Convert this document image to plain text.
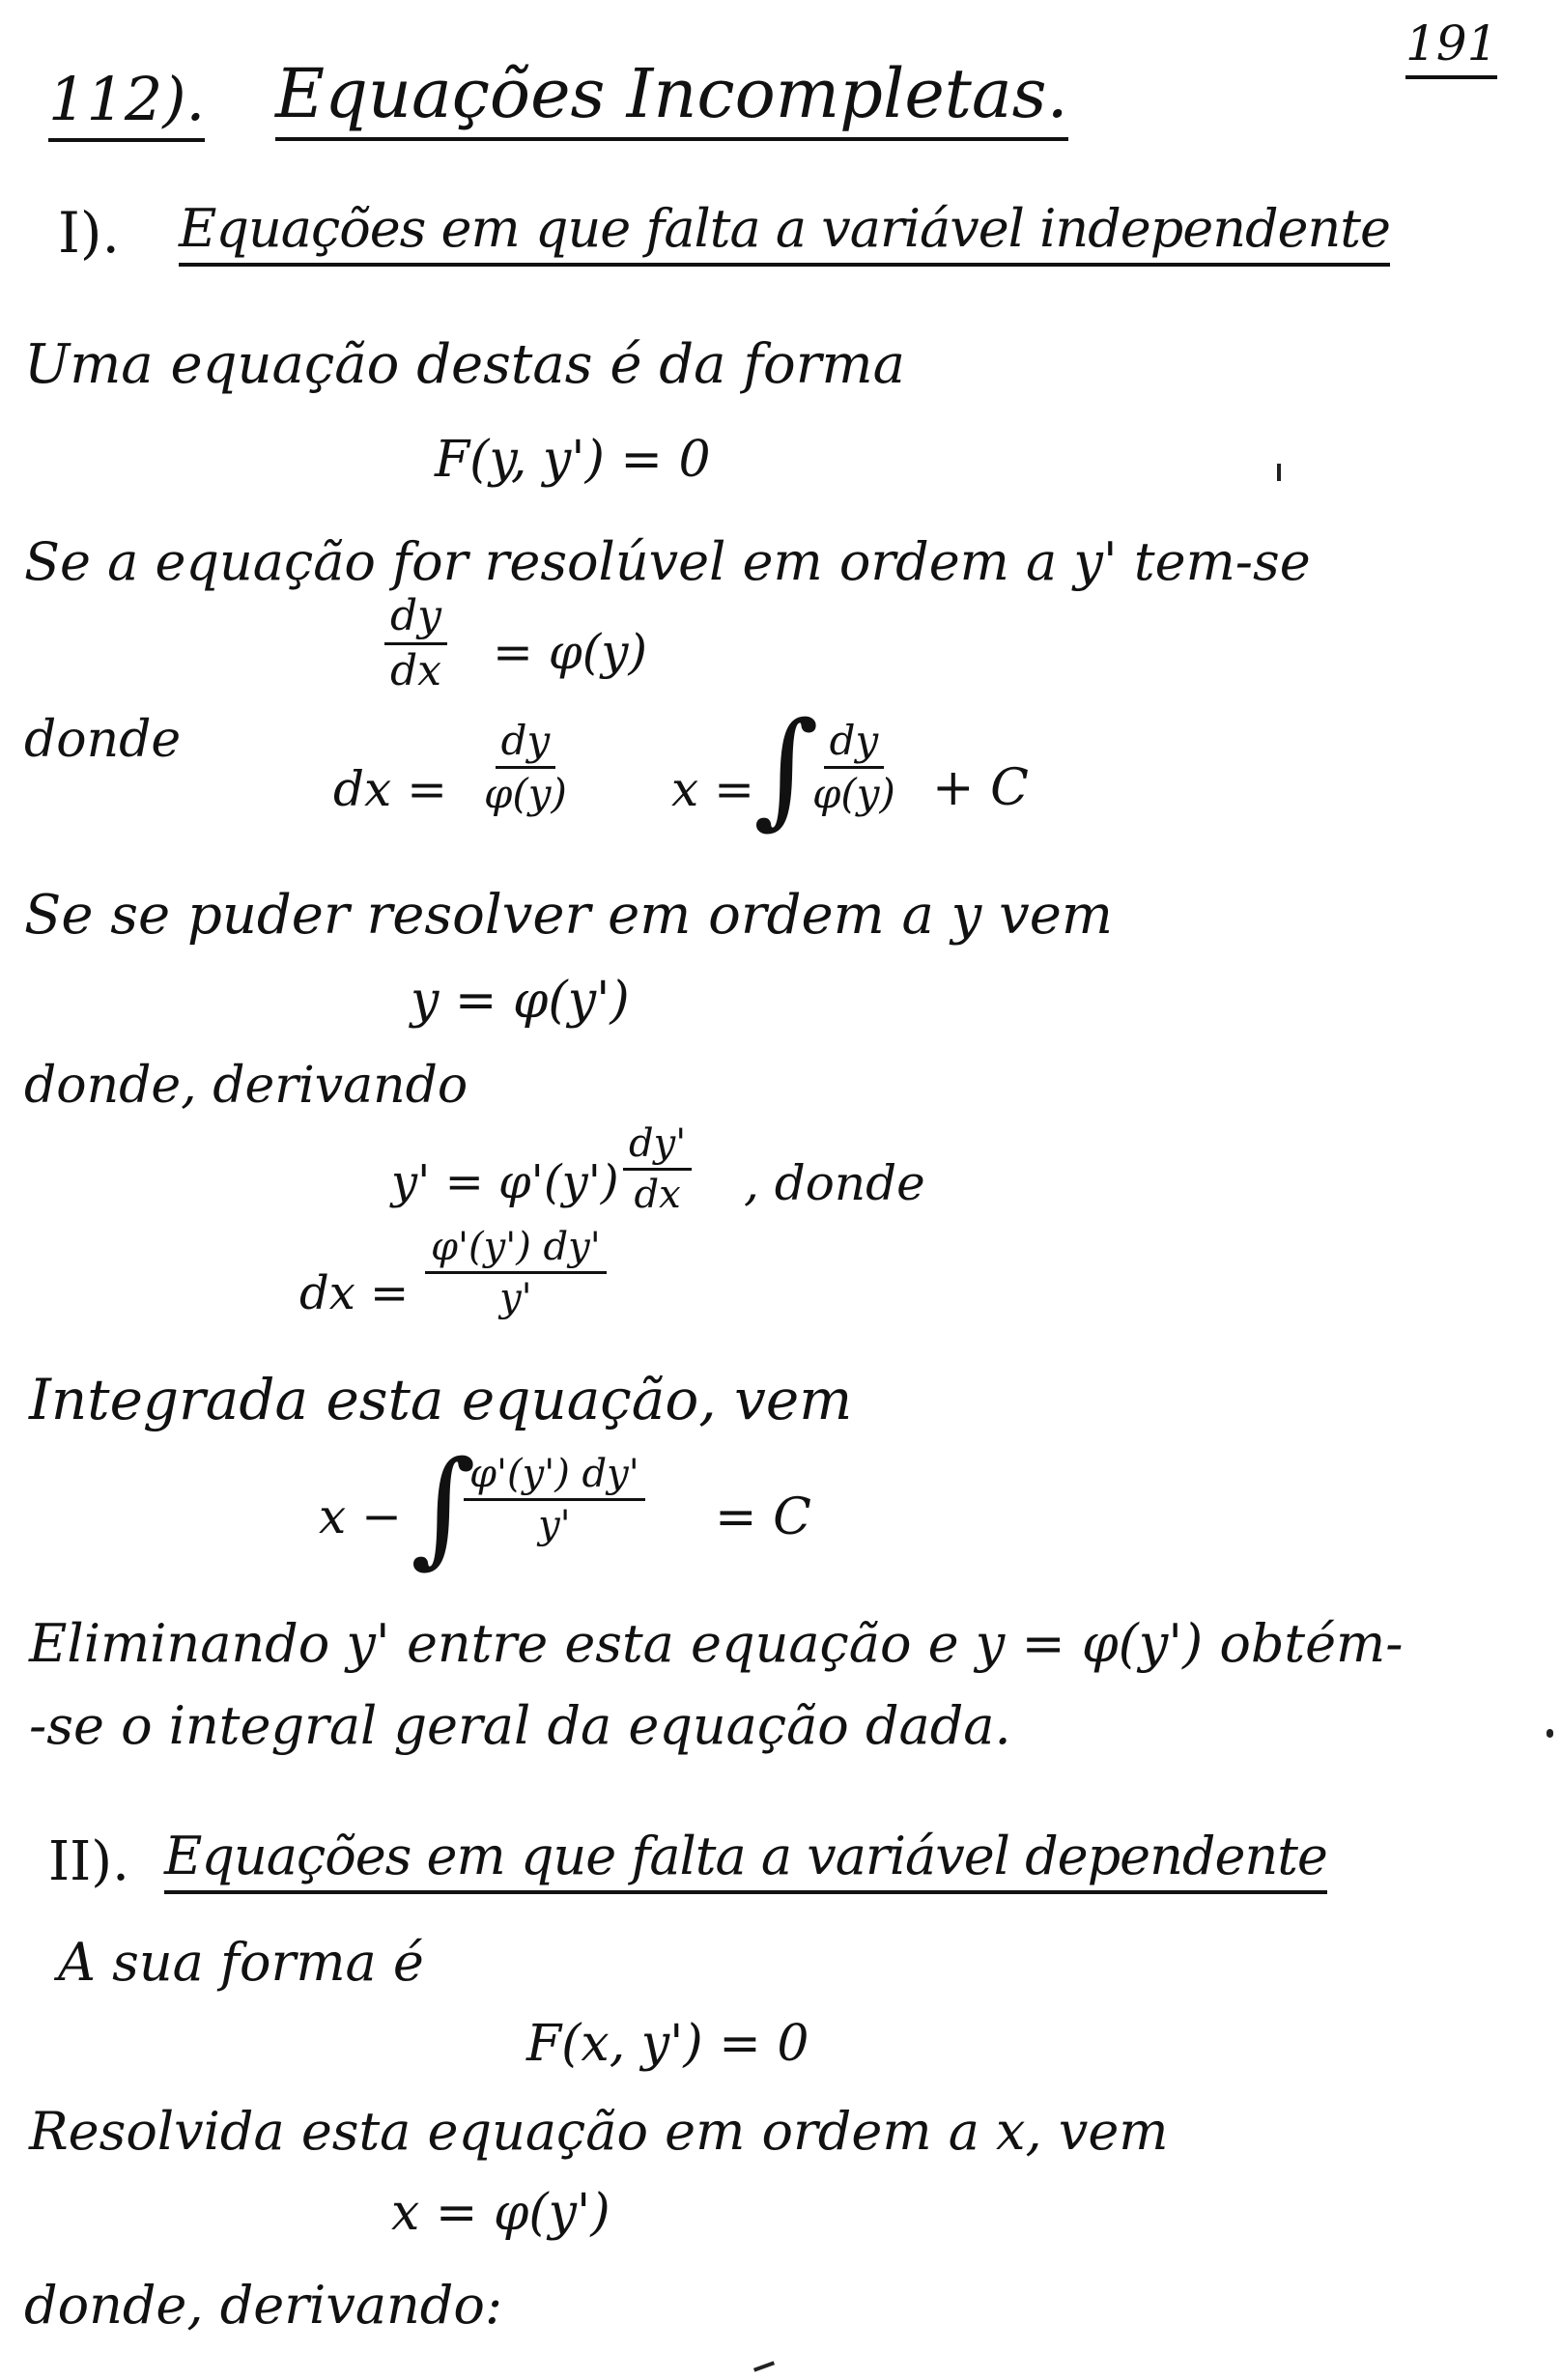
191
112). Equações Incompletas.
I). Equações em que falta a variável independente
Uma equação destas é da forma
F(y, y') = 0
Se a equação for resolúvel em ordem a y' tem-se
$\frac{dy}{dx} = \varphi(y)$
donde
dx = $\frac{dy}{\varphi(y)}$ x = ∫
$\frac{dy}{\varphi(y)} + C$
Se se puder resolver em ordem a y vem
y = φ(y')
donde, derivando
$y' = \varphi'(y') \frac{dy'}{dx}$ , donde
dx = $\frac{\varphi'(y') dy'}{y'}$
Integrada esta equação, vem
x − ∫
$\frac{\varphi'(y') dy'}{y'} = C$
Eliminando y' entre esta equação e y = φ(y') obtém-
-se o integral geral da equação dada.
II). Equações em que falta a variável dependente
A sua forma é
F(x, y') = 0
Resolvida esta equação em ordem a x, vem
x = φ(y')
donde, derivando:
